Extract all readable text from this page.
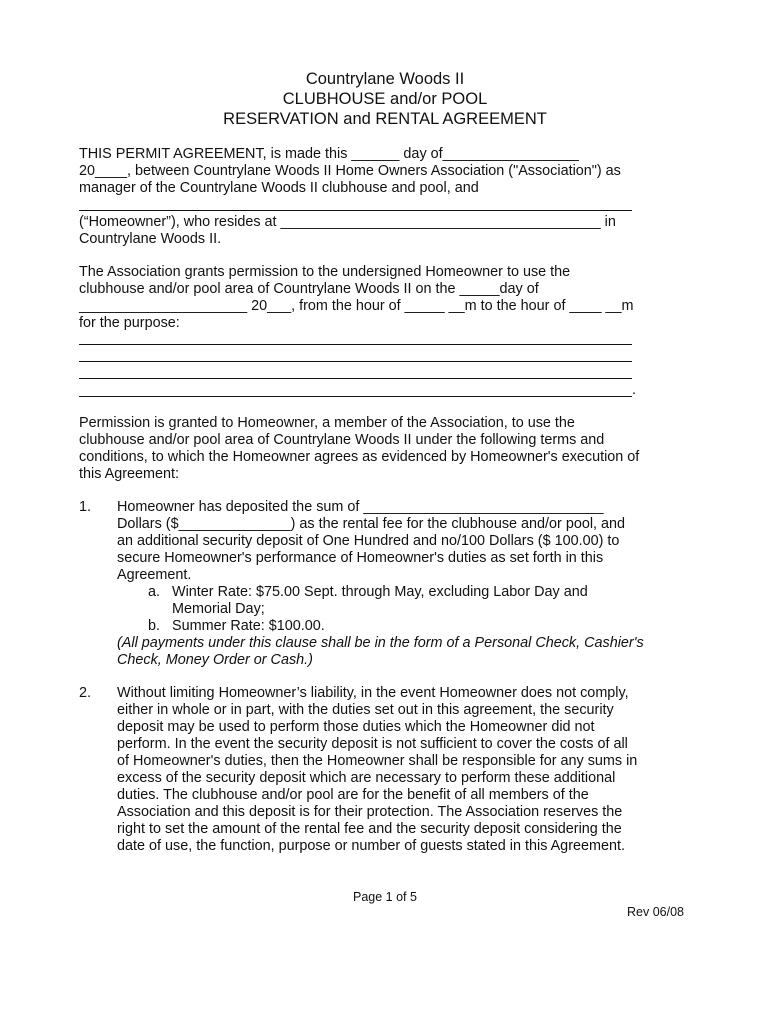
Countrylane Woods II
CLUBHOUSE and/or POOL
RESERVATION and RENTAL AGREEMENT
THIS PERMIT AGREEMENT, is made this ______ day of_________________
20____, between Countrylane Woods II Home Owners Association ("Association") as
manager of the Countrylane Woods II clubhouse and pool, and
(“Homeowner”), who resides at ________________________________________ in
Countrylane Woods II.
The Association grants permission to the undersigned Homeowner to use the
clubhouse and/or pool area of Countrylane Woods II on the _____day of
_____________________ 20___, from the hour of _____ __m to the hour of ____ __m
for the purpose:
.
Permission is granted to Homeowner, a member of the Association, to use the
clubhouse and/or pool area of Countrylane Woods II under the following terms and
conditions, to which the Homeowner agrees as evidenced by Homeowner's execution of
this Agreement:
1. Homeowner has deposited the sum of ______________________________
Dollars ($______________) as the rental fee for the clubhouse and/or pool, and
an additional security deposit of One Hundred and no/100 Dollars ($ 100.00) to
secure Homeowner's performance of Homeowner's duties as set forth in this
Agreement.
a. Winter Rate: $75.00 Sept. through May, excluding Labor Day and
Memorial Day;
b. Summer Rate: $100.00.
(All payments under this clause shall be in the form of a Personal Check, Cashier's
Check, Money Order or Cash.)
2. Without limiting Homeowner’s liability, in the event Homeowner does not comply,
either in whole or in part, with the duties set out in this agreement, the security
deposit may be used to perform those duties which the Homeowner did not
perform. In the event the security deposit is not sufficient to cover the costs of all
of Homeowner's duties, then the Homeowner shall be responsible for any sums in
excess of the security deposit which are necessary to perform these additional
duties. The clubhouse and/or pool are for the benefit of all members of the
Association and this deposit is for their protection. The Association reserves the
right to set the amount of the rental fee and the security deposit considering the
date of use, the function, purpose or number of guests stated in this Agreement.
Page 1 of 5
Rev 06/08
